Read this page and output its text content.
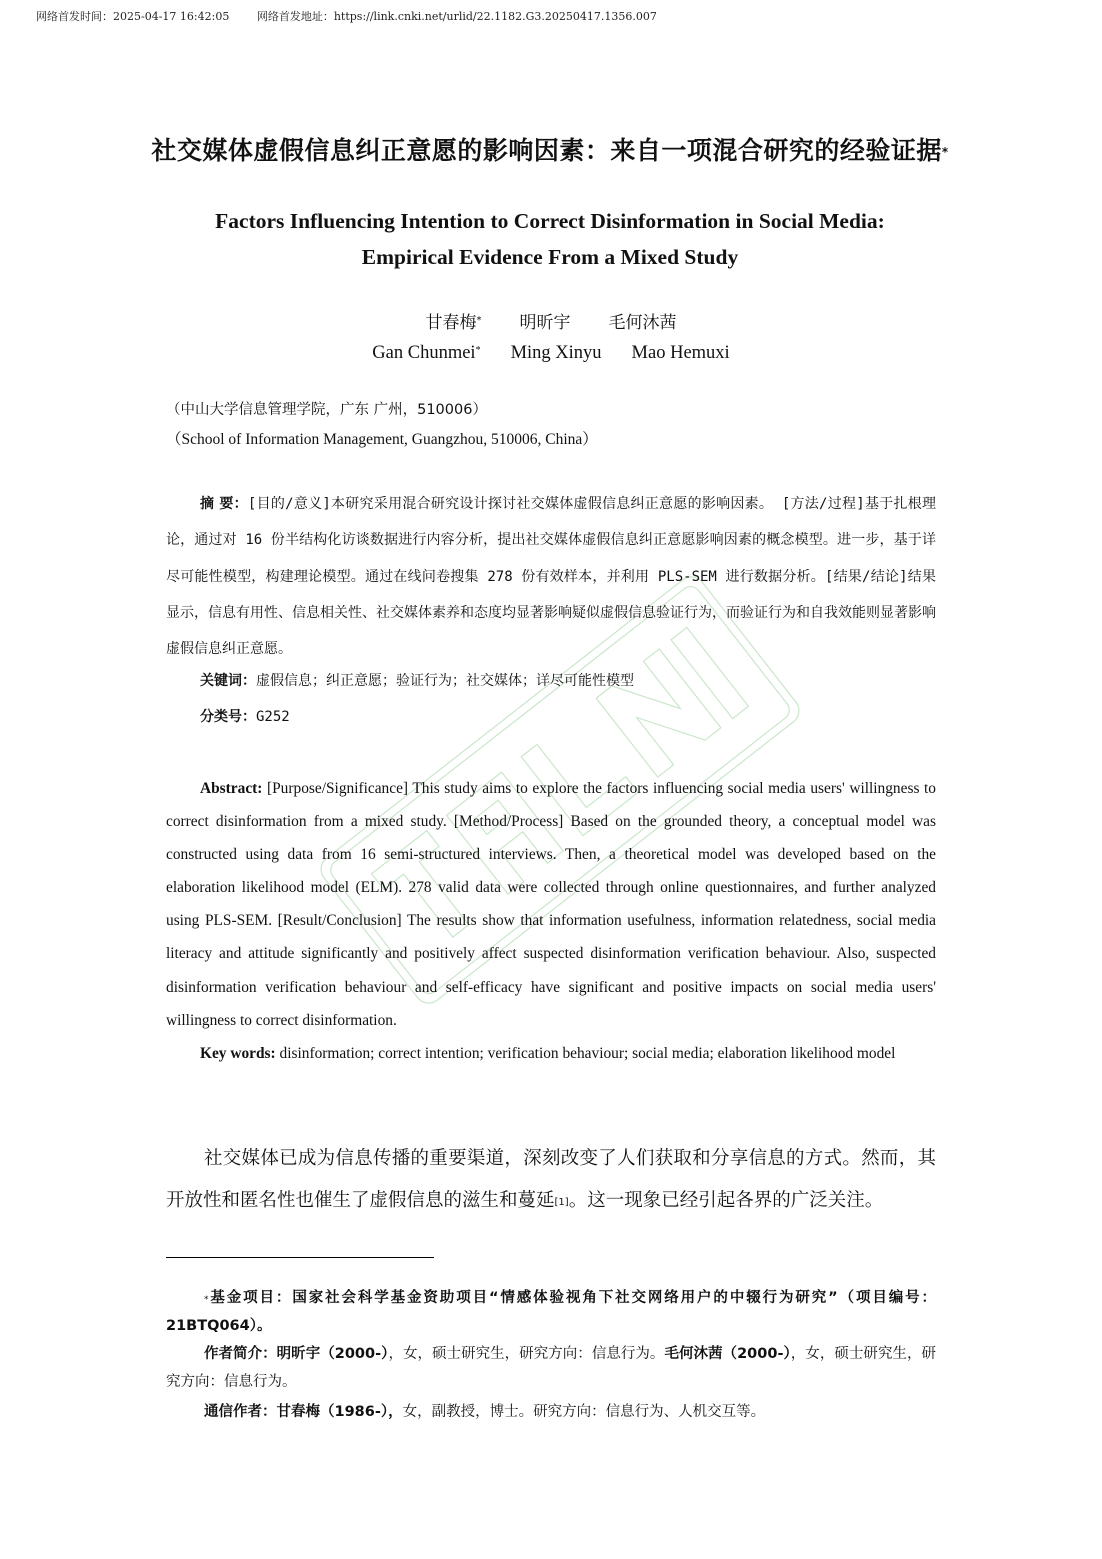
网络首发时间：2025-04-17 16:42:05	网络首发地址：https://link.cnki.net/urlid/22.1182.G3.20250417.1356.007
社交媒体虚假信息纠正意愿的影响因素：来自一项混合研究的经验证据*
Factors Influencing Intention to Correct Disinformation in Social Media:
Empirical Evidence From a Mixed Study
甘春梅* 明昕宇 毛何沐茜
Gan Chunmei* Ming Xinyu Mao Hemuxi
（中山大学信息管理学院，广东 广州，510006）
（School of Information Management, Guangzhou, 510006, China）

摘 要：[目的/意义]本研究采用混合研究设计探讨社交媒体虚假信息纠正意愿的影响因素。 [方法/过程]基于扎根理论，通过对 16 份半结构化访谈数据进行内容分析，提出社交媒体虚假信息纠正意愿影响因素的概念模型。进一步，基于详尽可能性模型，构建理论模型。通过在线问卷搜集 278 份有效样本，并利用 PLS-SEM 进行数据分析。[结果/结论]结果显示，信息有用性、信息相关性、社交媒体素养和态度均显著影响疑似虚假信息验证行为，而验证行为和自我效能则显著影响虚假信息纠正意愿。

关键词：虚假信息；纠正意愿；验证行为；社交媒体；详尽可能性模型
分类号：G252

Abstract: [Purpose/Significance] This study aims to explore the factors influencing social media users' willingness to correct disinformation from a mixed study. [Method/Process] Based on the grounded theory, a conceptual model was constructed using data from 16 semi-structured interviews. Then, a theoretical model was developed based on the elaboration likelihood model (ELM). 278 valid data were collected through online questionnaires, and further analyzed using PLS-SEM. [Result/Conclusion] The results show that information usefulness, information relatedness, social media literacy and attitude significantly and positively affect suspected disinformation verification behaviour. Also, suspected disinformation verification behaviour and self-efficacy have significant and positive impacts on social media users' willingness to correct disinformation.

Key words: disinformation; correct intention; verification behaviour; social media; elaboration likelihood model

社交媒体已成为信息传播的重要渠道，深刻改变了人们获取和分享信息的方式。然而，其开放性和匿名性也催生了虚假信息的滋生和蔓延[1]。这一现象已经引起各界的广泛关注。

*基金项目：国家社会科学基金资助项目“情感体验视角下社交网络用户的中辍行为研究”（项目编号：21BTQ064）。

作者简介：明昕宇（2000-），女，硕士研究生，研究方向：信息行为。毛何沐茜（2000-），女，硕士研究生，研究方向：信息行为。

通信作者：甘春梅（1986-），女，副教授，博士。研究方向：信息行为、人机交互等。
